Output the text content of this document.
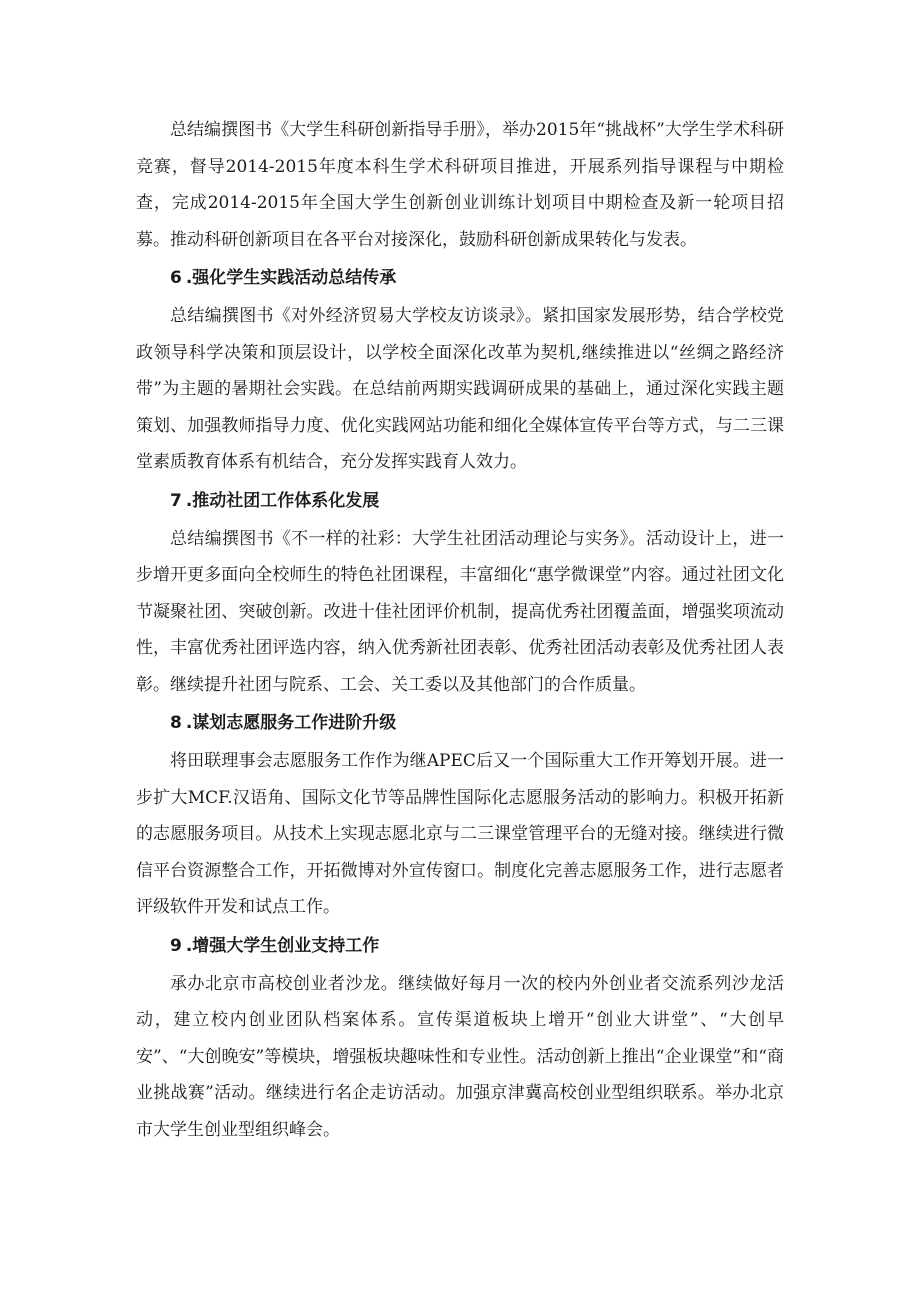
总结编撰图书《大学生科研创新指导手册》，举办2015年“挑战杯”大学生学术科研竞赛，督导2014-2015年度本科生学术科研项目推进，开展系列指导课程与中期检查，完成2014-2015年全国大学生创新创业训练计划项目中期检查及新一轮项目招募。推动科研创新项目在各平台对接深化，鼓励科研创新成果转化与发表。

6 .强化学生实践活动总结传承

总结编撰图书《对外经济贸易大学校友访谈录》。紧扣国家发展形势，结合学校党政领导科学决策和顶层设计，以学校全面深化改革为契机,继续推进以“丝绸之路经济带”为主题的暑期社会实践。在总结前两期实践调研成果的基础上，通过深化实践主题策划、加强教师指导力度、优化实践网站功能和细化全媒体宣传平台等方式，与二三课堂素质教育体系有机结合，充分发挥实践育人效力。

7 .推动社团工作体系化发展

总结编撰图书《不一样的社彩：大学生社团活动理论与实务》。活动设计上，进一步增开更多面向全校师生的特色社团课程，丰富细化“惠学微课堂”内容。通过社团文化节凝聚社团、突破创新。改进十佳社团评价机制，提高优秀社团覆盖面，增强奖项流动性，丰富优秀社团评选内容，纳入优秀新社团表彰、优秀社团活动表彰及优秀社团人表彰。继续提升社团与院系、工会、关工委以及其他部门的合作质量。

8 .谋划志愿服务工作进阶升级

将田联理事会志愿服务工作作为继APEC后又一个国际重大工作开筹划开展。进一步扩大MCF.汉语角、国际文化节等品牌性国际化志愿服务活动的影响力。积极开拓新的志愿服务项目。从技术上实现志愿北京与二三课堂管理平台的无缝对接。继续进行微信平台资源整合工作，开拓微博对外宣传窗口。制度化完善志愿服务工作，进行志愿者评级软件开发和试点工作。

9 .增强大学生创业支持工作

承办北京市高校创业者沙龙。继续做好每月一次的校内外创业者交流系列沙龙活动，建立校内创业团队档案体系。宣传渠道板块上增开“创业大讲堂”、“大创早安”、“大创晚安”等模块，增强板块趣味性和专业性。活动创新上推出“企业课堂”和“商业挑战赛”活动。继续进行名企走访活动。加强京津冀高校创业型组织联系。举办北京市大学生创业型组织峰会。
